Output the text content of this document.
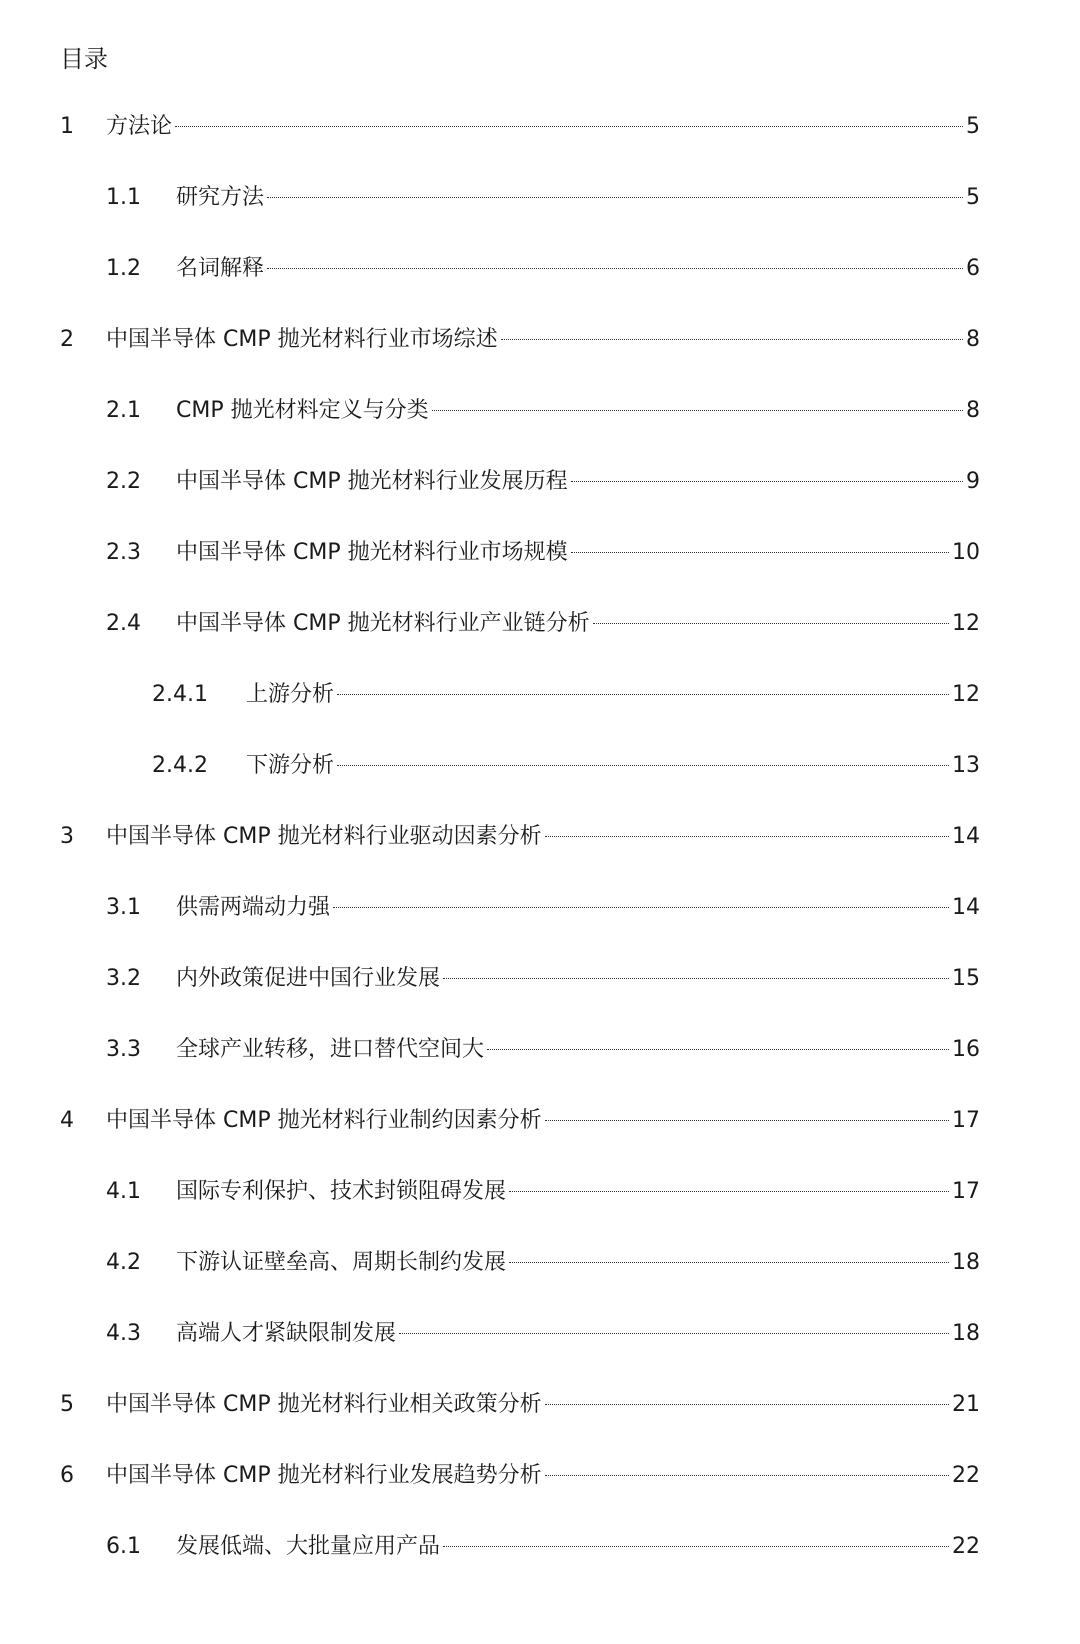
目录
1	方法论	5
1.1	研究方法	5
1.2	名词解释	6
2	中国半导体 CMP 抛光材料行业市场综述	8
2.1	CMP 抛光材料定义与分类	8
2.2	中国半导体 CMP 抛光材料行业发展历程	9
2.3	中国半导体 CMP 抛光材料行业市场规模	10
2.4	中国半导体 CMP 抛光材料行业产业链分析	12
2.4.1	上游分析	12
2.4.2	下游分析	13
3	中国半导体 CMP 抛光材料行业驱动因素分析	14
3.1	供需两端动力强	14
3.2	内外政策促进中国行业发展	15
3.3	全球产业转移，进口替代空间大	16
4	中国半导体 CMP 抛光材料行业制约因素分析	17
4.1	国际专利保护、技术封锁阻碍发展	17
4.2	下游认证壁垒高、周期长制约发展	18
4.3	高端人才紧缺限制发展	18
5	中国半导体 CMP 抛光材料行业相关政策分析	21
6	中国半导体 CMP 抛光材料行业发展趋势分析	22
6.1	发展低端、大批量应用产品	22
